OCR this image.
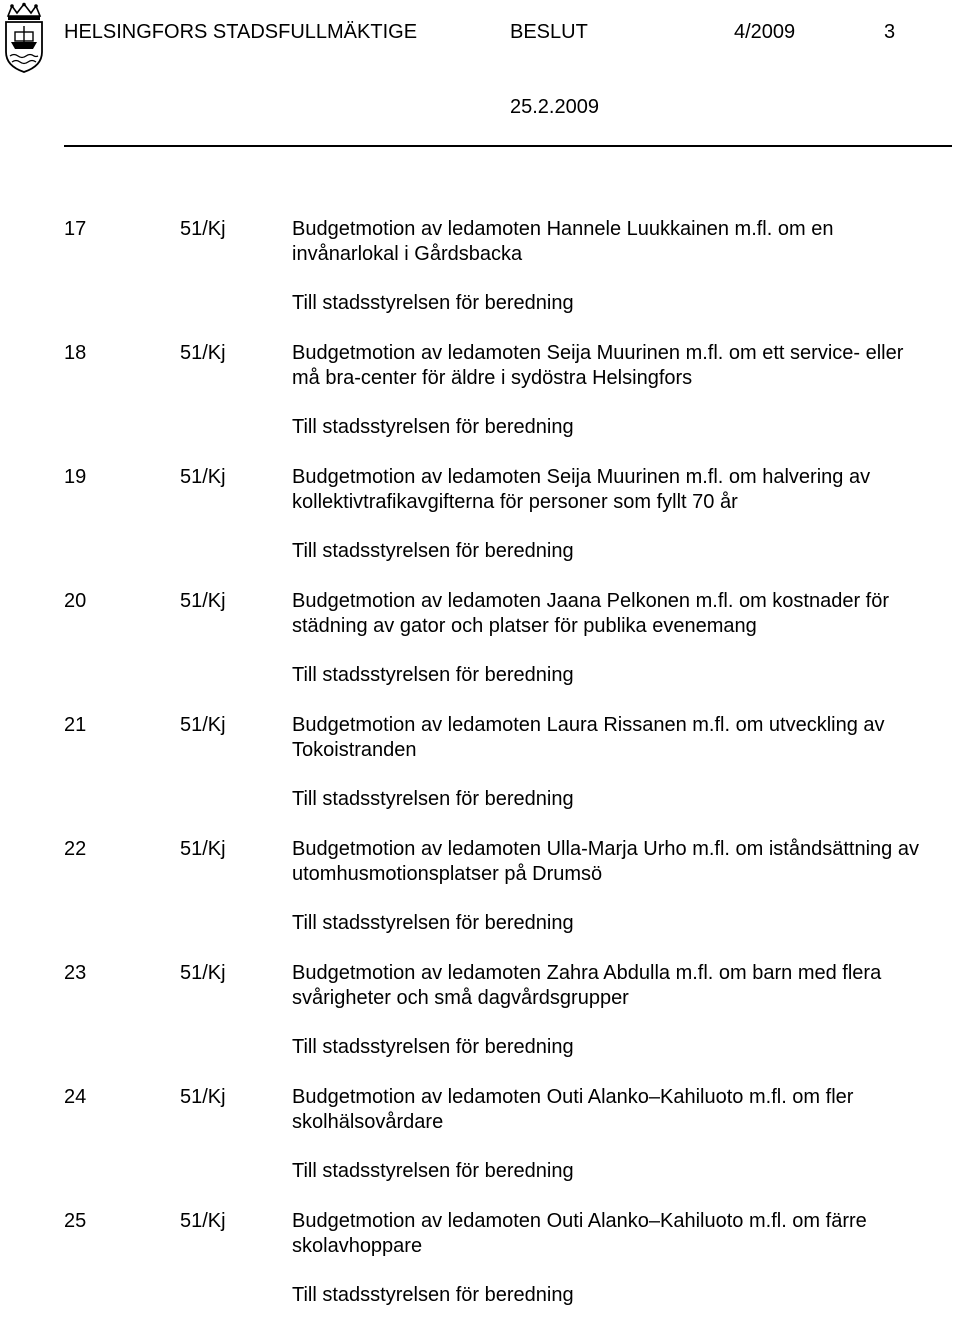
HELSINGFORS STADSFULLMÄKTIGE	BESLUT	4/2009	3
25.2.2009
17	51/Kj	Budgetmotion av ledamoten Hannele Luukkainen m.fl. om en
invånarlokal i Gårdsbacka
Till stadsstyrelsen för beredning
18	51/Kj	Budgetmotion av ledamoten Seija Muurinen m.fl. om ett service- eller
må bra-center för äldre i sydöstra Helsingfors
Till stadsstyrelsen för beredning
19	51/Kj	Budgetmotion av ledamoten Seija Muurinen m.fl. om halvering av
kollektivtrafikavgifterna för personer som fyllt 70 år
Till stadsstyrelsen för beredning
20	51/Kj	Budgetmotion av ledamoten Jaana Pelkonen m.fl. om kostnader för
städning av gator och platser för publika evenemang
Till stadsstyrelsen för beredning
21	51/Kj	Budgetmotion av ledamoten Laura Rissanen m.fl. om utveckling av
Tokoistranden
Till stadsstyrelsen för beredning
22	51/Kj	Budgetmotion av ledamoten Ulla-Marja Urho m.fl. om iståndsättning av
utomhusmotionsplatser på Drumsö
Till stadsstyrelsen för beredning
23	51/Kj	Budgetmotion av ledamoten Zahra Abdulla m.fl. om barn med flera
svårigheter och små dagvårdsgrupper
Till stadsstyrelsen för beredning
24	51/Kj	Budgetmotion av ledamoten Outi Alanko–Kahiluoto m.fl. om fler
skolhälsovårdare
Till stadsstyrelsen för beredning
25	51/Kj	Budgetmotion av ledamoten Outi Alanko–Kahiluoto m.fl. om färre
skolavhoppare
Till stadsstyrelsen för beredning
